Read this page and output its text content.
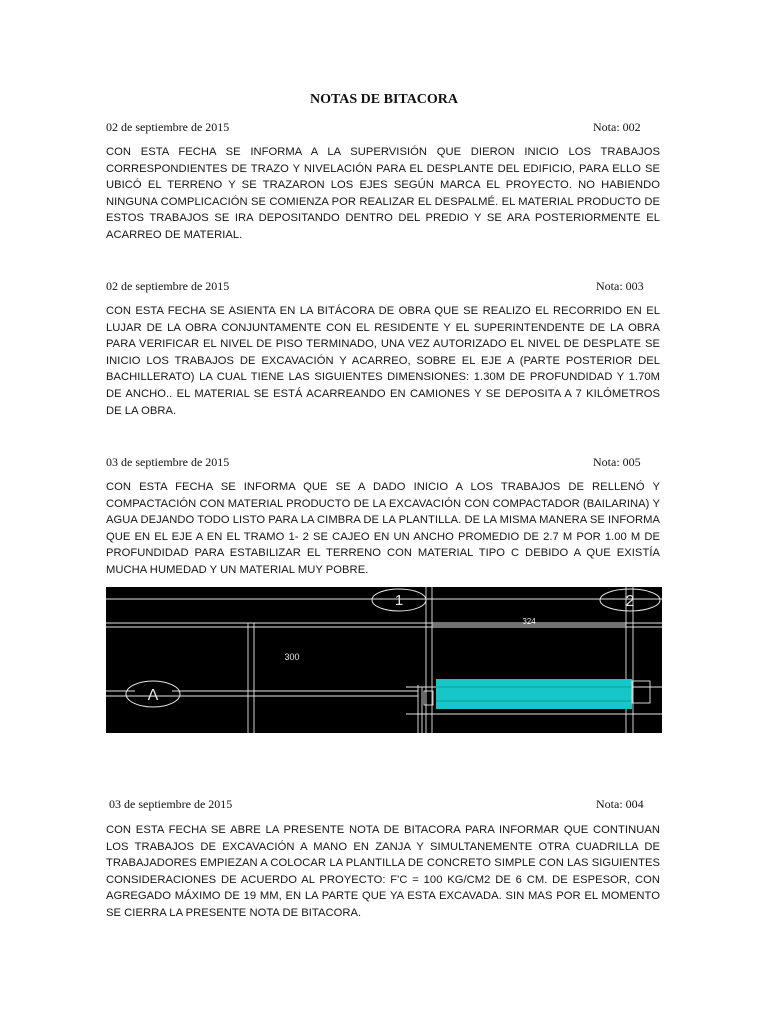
NOTAS DE BITACORA
02 de septiembre de 2015	Nota: 002
CON ESTA FECHA SE INFORMA A LA SUPERVISIÓN QUE DIERON INICIO LOS TRABAJOS CORRESPONDIENTES DE TRAZO Y NIVELACIÓN PARA EL DESPLANTE DEL EDIFICIO, PARA ELLO SE UBICÓ EL TERRENO Y SE TRAZARON LOS EJES SEGÚN MARCA EL PROYECTO. NO HABIENDO NINGUNA COMPLICACIÓN SE COMIENZA POR REALIZAR EL DESPALMÉ. EL MATERIAL PRODUCTO DE ESTOS TRABAJOS SE IRA DEPOSITANDO DENTRO DEL PREDIO Y SE ARA POSTERIORMENTE EL ACARREO DE MATERIAL.
02 de septiembre de 2015	Nota: 003
CON ESTA FECHA SE ASIENTA EN LA BITÁCORA DE OBRA QUE SE REALIZO EL RECORRIDO EN EL LUJAR DE LA OBRA CONJUNTAMENTE CON EL RESIDENTE Y EL SUPERINTENDENTE DE LA OBRA PARA VERIFICAR EL NIVEL DE PISO TERMINADO, UNA VEZ AUTORIZADO EL NIVEL DE DESPLATE SE INICIO LOS TRABAJOS DE EXCAVACIÓN Y ACARREO, SOBRE EL EJE A (PARTE POSTERIOR DEL BACHILLERATO) LA CUAL TIENE LAS SIGUIENTES DIMENSIONES: 1.30M DE PROFUNDIDAD Y 1.70M DE ANCHO.. EL MATERIAL SE ESTÁ ACARREANDO EN CAMIONES Y SE DEPOSITA A 7 KILÓMETROS DE LA OBRA.
03 de septiembre de 2015	Nota: 005
CON ESTA FECHA SE INFORMA QUE SE A DADO INICIO A LOS TRABAJOS DE RELLENÓ Y COMPACTACIÓN CON MATERIAL PRODUCTO DE LA EXCAVACIÓN CON COMPACTADOR (BAILARINA) Y AGUA DEJANDO TODO LISTO PARA LA CIMBRA DE LA PLANTILLA. DE LA MISMA MANERA SE INFORMA QUE EN EL EJE A EN EL TRAMO 1- 2 SE CAJEO EN UN ANCHO PROMEDIO DE 2.7 M POR 1.00 M DE PROFUNDIDAD PARA ESTABILIZAR EL TERRENO CON MATERIAL TIPO C DEBIDO A QUE EXISTÍA MUCHA HUMEDAD Y UN MATERIAL MUY POBRE.
1	2
A
324
300
03 de septiembre de 2015	Nota: 004
CON ESTA FECHA SE ABRE LA PRESENTE NOTA DE BITACORA PARA INFORMAR QUE CONTINUAN LOS TRABAJOS DE EXCAVACIÓN A MANO EN ZANJA Y SIMULTANEMENTE OTRA CUADRILLA DE TRABAJADORES EMPIEZAN A COLOCAR LA PLANTILLA DE CONCRETO SIMPLE CON LAS SIGUIENTES CONSIDERACIONES DE ACUERDO AL PROYECTO: F'C = 100 KG/CM2 DE 6 CM. DE ESPESOR, CON AGREGADO MÁXIMO DE 19 MM, EN LA PARTE QUE YA ESTA EXCAVADA. SIN MAS POR EL MOMENTO SE CIERRA LA PRESENTE NOTA DE BITACORA.
